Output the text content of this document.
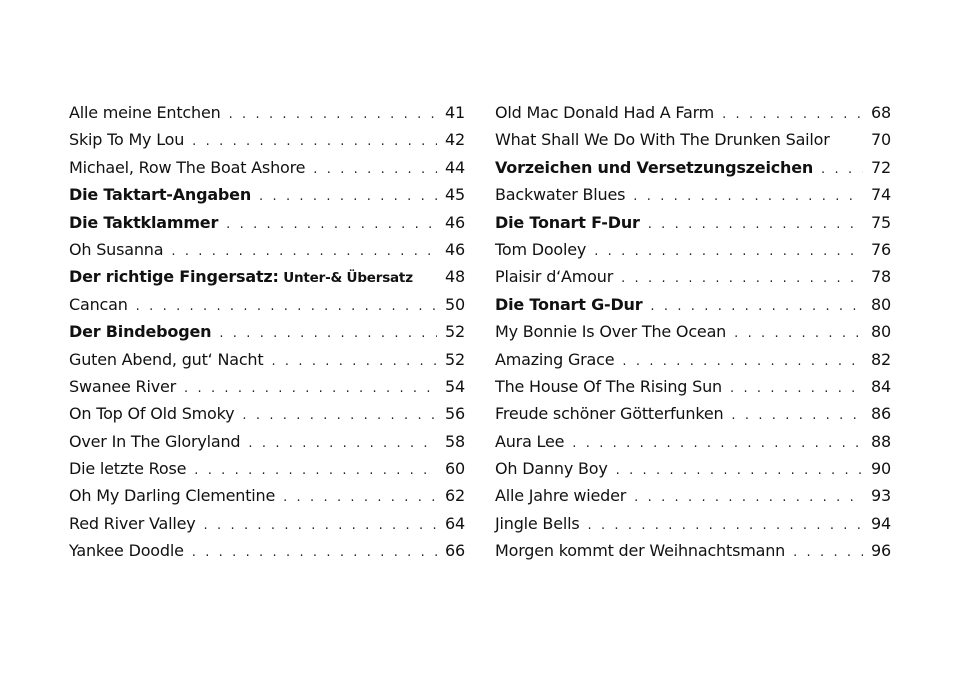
Alle meine Entchen . . .	41
Skip To My Lou . . .	42
Michael, Row The Boat Ashore . . .	44
Die Taktart-Angaben . . .	45
Die Taktklammer . . .	46
Oh Susanna . . .	46
Der richtige Fingersatz: Unter-& Übersatz 48
Cancan . . .	50
Der Bindebogen . . .	52
Guten Abend, gut‘ Nacht . . .	52
Swanee River . . .	54
On Top Of Old Smoky . . .	56
Over In The Gloryland . . .	58
Die letzte Rose . . .	60
Oh My Darling Clementine . . .	62
Red River Valley . . .	64
Yankee Doodle . . .	66
Old Mac Donald Had A Farm . . .	68
What Shall We Do With The Drunken Sailor	70
Vorzeichen und Versetzungszeichen . . .	72
Backwater Blues . . .	74
Die Tonart F-Dur . . .	75
Tom Dooley . . .	76
Plaisir d‘Amour . . .	78
Die Tonart G-Dur . . .	80
My Bonnie Is Over The Ocean . . .	80
Amazing Grace . . .	82
The House Of The Rising Sun . . .	84
Freude schöner Götterfunken . . .	86
Aura Lee . . .	88
Oh Danny Boy . . .	90
Alle Jahre wieder . . .	93
Jingle Bells . . .	94
Morgen kommt der Weihnachtsmann . . .	96
